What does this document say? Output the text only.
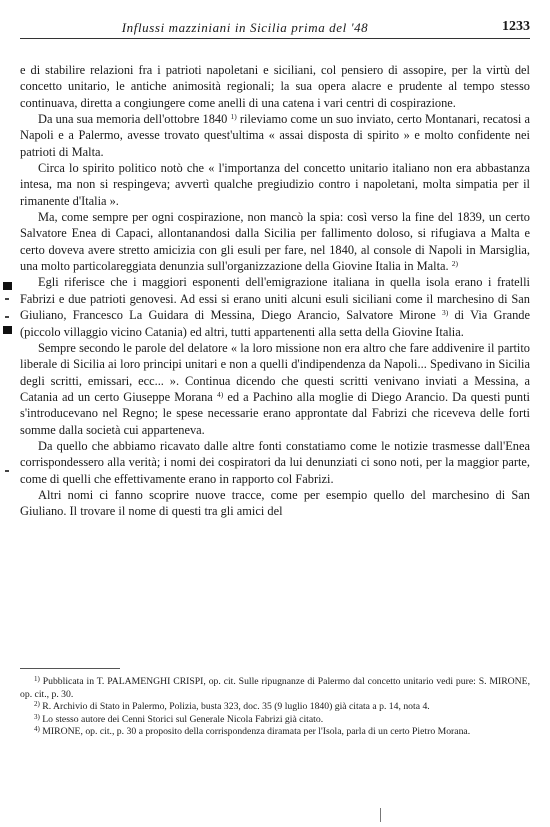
Influssi mazziniani in Sicilia prima del '48	1233

e di stabilire relazioni fra i patrioti napoletani e siciliani, col pensiero di assopire, per la virtù del concetto unitario, le antiche animosità regionali; la sua opera alacre e prudente al tempo stesso continuava, diretta a congiungere come anelli di una catena i vari centri di cospirazione.

Da una sua memoria dell'ottobre 1840 $^{1)}$ rileviamo come un suo inviato, certo Montanari, recatosi a Napoli e a Palermo, avesse trovato quest'ultima « assai disposta di spirito » e molto confidente nei patrioti di Malta.

Circa lo spirito politico notò che « l'importanza del concetto unitario italiano non era abbastanza intesa, ma non si respingeva; avvertì qualche pregiudizio contro i napoletani, molta simpatia per il rimanente d'Italia ».

Ma, come sempre per ogni cospirazione, non mancò la spia: così verso la fine del 1839, un certo Salvatore Enea di Capaci, allontanandosi dalla Sicilia per fallimento doloso, si rifugiava a Malta e certo doveva avere stretto amicizia con gli esuli per fare, nel 1840, al console di Napoli in Marsiglia, una molto particolareggiata denunzia sull'organizzazione della Giovine Italia in Malta. $^{2)}$

Egli riferisce che i maggiori esponenti dell'emigrazione italiana in quella isola erano i fratelli Fabrizi e due patrioti genovesi. Ad essi si erano uniti alcuni esuli siciliani come il marchesino di San Giuliano, Francesco La Guidara di Messina, Diego Arancio, Salvatore Mirone $^{3)}$ di Via Grande (piccolo villaggio vicino Catania) ed altri, tutti appartenenti alla setta della Giovine Italia.

Sempre secondo le parole del delatore « la loro missione non era altro che fare addivenire il partito liberale di Sicilia ai loro principi unitari e non a quelli d'indipendenza da Napoli... Spedivano in Sicilia degli scritti, emissari, ecc... ». Continua dicendo che questi scritti venivano inviati a Messina, a Catania ad un certo Giuseppe Morana $^{4)}$ ed a Pachino alla moglie di Diego Arancio. Da questi punti s'introducevano nel Regno; le spese necessarie erano approntate dal Fabrizi che riceveva delle forti somme dalla società cui apparteneva.

Da quello che abbiamo ricavato dalle altre fonti constatiamo come le notizie trasmesse dall'Enea corrispondessero alla verità; i nomi dei cospiratori da lui denunziati ci sono noti, per la maggior parte, come di quelli che effettivamente erano in rapporto col Fabrizi.

Altri nomi ci fanno scoprire nuove tracce, come per esempio quello del marchesino di San Giuliano. Il trovare il nome di questi tra gli amici del

$^{1)}$ Pubblicata in T. PALAMENGHI CRISPI, op. cit. Sulle ripugnanze di Palermo dal concetto unitario vedi pure: S. MIRONE, op. cit., p. 30.

$^{2)}$ R. Archivio di Stato in Palermo, Polizia, busta 323, doc. 35 (9 luglio 1840) già citata a p. 14, nota 4.

$^{3)}$ Lo stesso autore dei Cenni Storici sul Generale Nicola Fabrizi già citato.

$^{4)}$ MIRONE, op. cit., p. 30 a proposito della corrispondenza diramata per l'Isola, parla di un certo Pietro Morana.
